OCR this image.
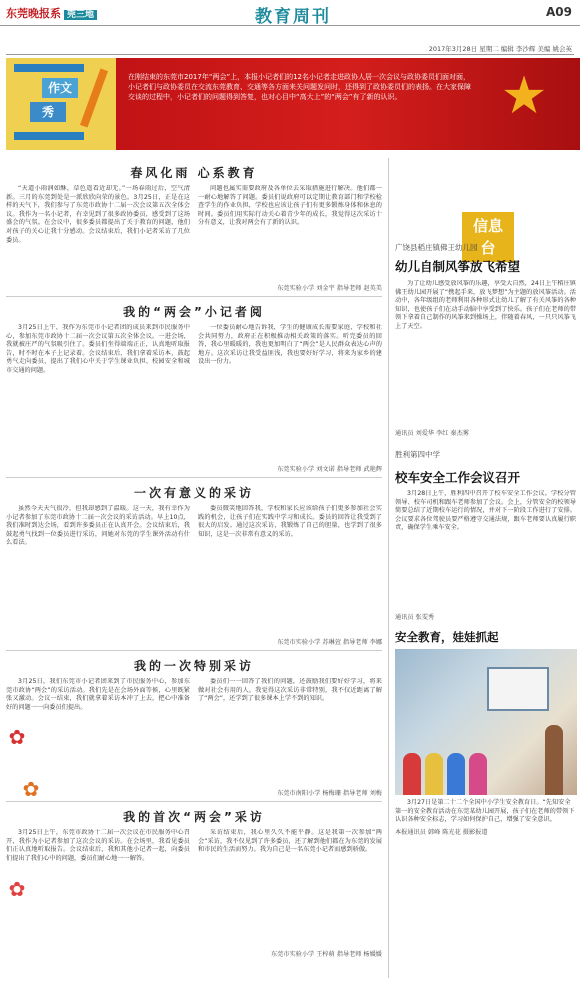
东莞晚报系 莞三地	教育周刊	A09
2017年3月28日 星期二 编辑 李沙辉 美编 姚会英
作文
秀
在刚结束的东莞市2017年“两会”上，本报小记者们的12名小记者走进政协人居一次会议与政协委员们面对面，小记者们与政协委员在交流东莞教育、交通等各方面来关问题发问时，还得到了政协委员们的表扬。在大家保障交谈的过程中，小记者们的问题得到答复，也对心目中“高大上”的“两会”有了新的认识。	★
春风化雨 心系教育
“天道小雨润如酥，草色遥看近却无。”一场春雨过后，空气清新。三月的东莞到处是一派欣欣向荣的景色。3月25日，正是在这样的天气下，我们参与了东莞市政协十二届一次会议第五次全体会议。我作为一名小记者，有幸见到了很多政协委员，感受到了这场盛会的气氛。在会议中，很多委员都提出了关于教育的问题，他们对孩子的关心让我十分感动。会议结束后，我们小记者采访了几位委员。
问题也属实需要政府及各单位去采取措施进行解决。他们都一一耐心地解答了问题。委员们说政府可以定期让教育部门和学校检查学生的作业负担，学校也应该让孩子们有更多锻炼身体和休息的时间。委员们用实际行动关心着青少年的成长，我觉得这次采访十分有意义，让我对两会有了新的认识。
东莞实验小学 刘金宇 指导老师 赵英美
我的“两会”小记者阅
3月25日上午，我作为东莞市小记者团的成员来到市民服务中心，参加东莞市政协十二届一次会议第五次全体会议。一进会场，我就被庄严的气氛吸引住了。委员们坐得端端正正，认真地听取报告，时不时在本子上记录着。会议结束后，我们拿着采访本，鼓起勇气走向委员，提出了我们心中关于学生课业负担、校园安全和城市交通的问题。
一位委员耐心地告诉我，学生的健康成长需要家庭、学校和社会共同努力，政府正在积极推动相关政策的落实。听完委员的回答，我心里暖暖的，我也更加明白了“两会”是人民群众表达心声的地方。这次采访让我受益匪浅，我也要好好学习，将来为家乡的建设出一份力。
东莞实验小学 刘文诺 指导老师 武艳辉
一次有意义的采访
虽然今天天气很冷，但我却感到了温暖。这一天，我有幸作为小记者参加了东莞市政协十二届一次会议的采访活动。早上10点，我们准时到达会场，看到许多委员正在认真开会。会议结束后，我鼓起勇气找到一位委员进行采访，问她对东莞的学生课外活动有什么看法。
委员微笑地回答我，学校和家长应该给孩子们更多参加社会实践的机会，让孩子们在实践中学习和成长。委员的回答让我受到了很大的启发。通过这次采访，我锻炼了自己的胆量，也学到了很多知识，这是一次非常有意义的采访。
东莞市实验小学 苏琳萱 指导老师 李娜
我的一次特别采访
3月25日，我们东莞市小记者团来到了市民服务中心，参加东莞市政协“两会”的采访活动。我们先是在会场外面等候，心里既紧张又激动。会议一结束，我们就拿着采访本冲了上去，把心中准备好的问题一一向委员们提出。
委员们一一回答了我们的问题，还鼓励我们要好好学习，将来做对社会有用的人。我觉得这次采访非常特别，我不仅近距离了解了“两会”，还学到了很多课本上学不到的知识。
东莞市南阳小学 杨梅珊 指导老师 刘梅
我的首次“两会”采访
3月25日上午，东莞市政协十二届一次会议在市民服务中心召开，我作为小记者参加了这次会议的采访。在会场里，我看见委员们正认真地听取报告。会议结束后，我和其他小记者一起，向委员们提出了我们心中的问题，委员们耐心地一一解答。
采访结束后，我心里久久不能平静。这是我第一次参加“两会”采访，我不仅见到了许多委员，还了解到他们都在为东莞的发展和市民的生活而努力。我为自己是一名东莞小记者而感到骄傲。
东莞市实验小学 王梓萌 指导老师 杨媛媛
✿
✿
✿
信息
台
广饶县稻庄镇佛王幼儿园
幼儿自制风筝放飞希望
为了让幼儿感受放风筝的乐趣，享受大自然，24日上午稻庄镇佛王幼儿园开展了“携起手来，放飞梦想”为主题的放风筝活动。活动中，各年级组的老师利用各种形式让幼儿了解了有关风筝的各种知识，也使孩子们在动手动脑中享受到了快乐。孩子们在老师的带领下拿着自己制作的风筝来到操场上，伴随着春风，一只只风筝飞上了天空。
通讯员 刘爱华 李红 秦杰雾
胜利第四中学
校车安全工作会议召开
3月28日上午，胜利四中召开了校车安全工作会议。学校分管领导、校车司机和跟车老师参加了会议。会上，分管安全的校领导简要总结了近期校车运行的情况，并对下一阶段工作进行了安排。会议要求各位驾驶员要严格遵守交通法规，跟车老师要认真履行职责，确保学生乘车安全。
通讯员 张雯秀
安全教育，娃娃抓起
3月27日是第二十二个全国中小学生安全教育日。“先知安全第一的安全教育活动在东莞某幼儿园开展，孩子们在老师的带领下认识各种安全标志，学习如何保护自己，增强了安全意识。
本报通讯员 韩峰 陈光花 摄影报道
